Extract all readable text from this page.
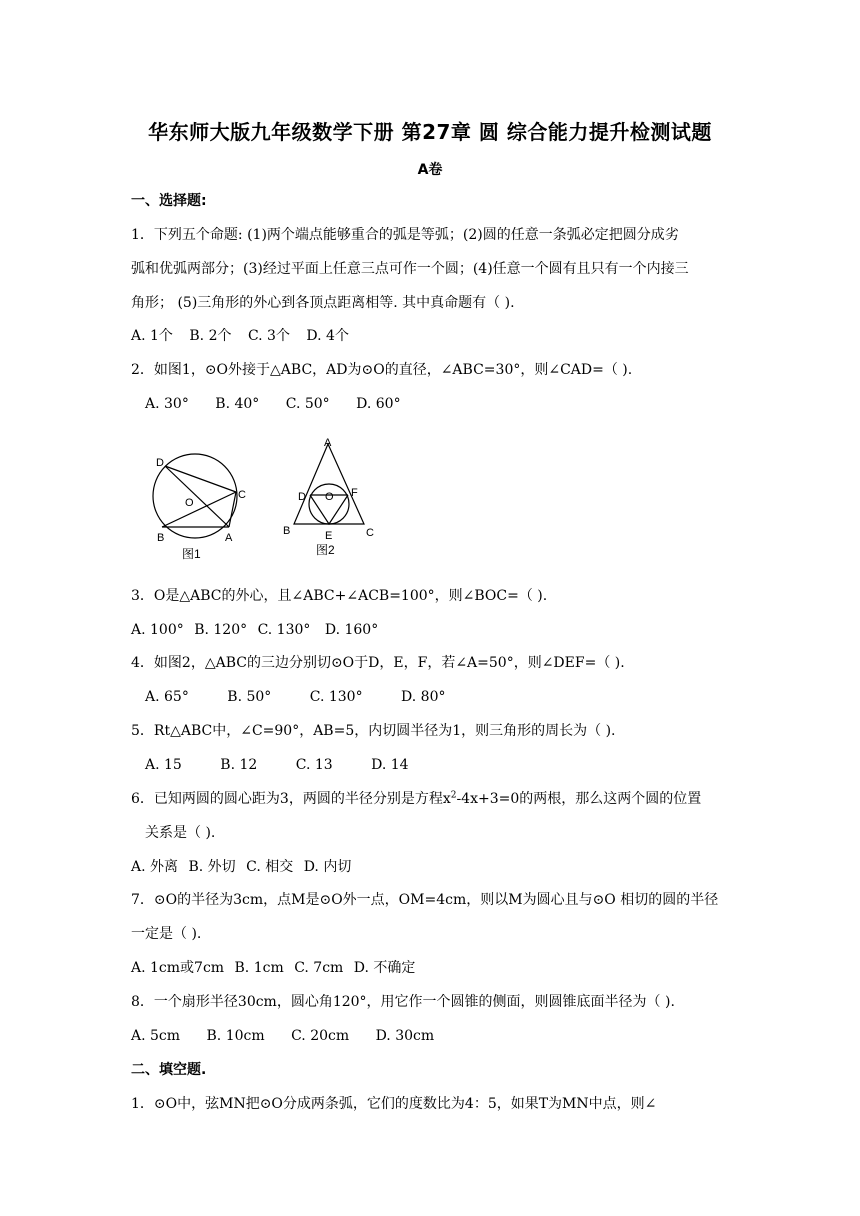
华东师大版九年级数学下册 第27章 圆 综合能力提升检测试题
A卷
一、选择题:
1．下列五个命题: (1)两个端点能够重合的弧是等弧；(2)圆的任意一条弧必定把圆分成劣
弧和优弧两部分；(3)经过平面上任意三点可作一个圆；(4)任意一个圆有且只有一个内接三
角形； (5)三角形的外心到各顶点距离相等. 其中真命题有（ ).
A. 1个 B. 2个 C. 3个 D. 4个
2．如图1，⊙O外接于△ABC，AD为⊙O的直径，∠ABC=30°，则∠CAD=（ ).
A. 30° B. 40° C. 50° D. 60°
D
O
C
B	A
图1
A
D O F
B	E	C
图2
3．O是△ABC的外心，且∠ABC+∠ACB=100°，则∠BOC=（ ).
A. 100° B. 120° C. 130° D. 160°
4．如图2，△ABC的三边分别切⊙O于D，E，F，若∠A=50°，则∠DEF=（ ).
A. 65°	B. 50°	C. 130°	D. 80°
5．Rt△ABC中，∠C=90°，AB=5，内切圆半径为1，则三角形的周长为（ ).
A. 15	B. 12	C. 13	D. 14
6．已知两圆的圆心距为3，两圆的半径分别是方程$x^2-4x+3=0$的两根，那么这两个圆的位置
关系是（ ).
A. 外离 B. 外切 C. 相交 D. 内切
7．⊙O的半径为3cm，点M是⊙O外一点，OM=4cm，则以M为圆心且与⊙O 相切的圆的半径
一定是（ ).
A. 1cm或7cm B. 1cm C. 7cm D. 不确定
8．一个扇形半径30cm，圆心角120°，用它作一个圆锥的侧面，则圆锥底面半径为（ ).
A. 5cm B. 10cm C. 20cm D. 30cm
二、填空题.
1．⊙O中，弦MN把⊙O分成两条弧，它们的度数比为4：5，如果T为MN中点，则∠
